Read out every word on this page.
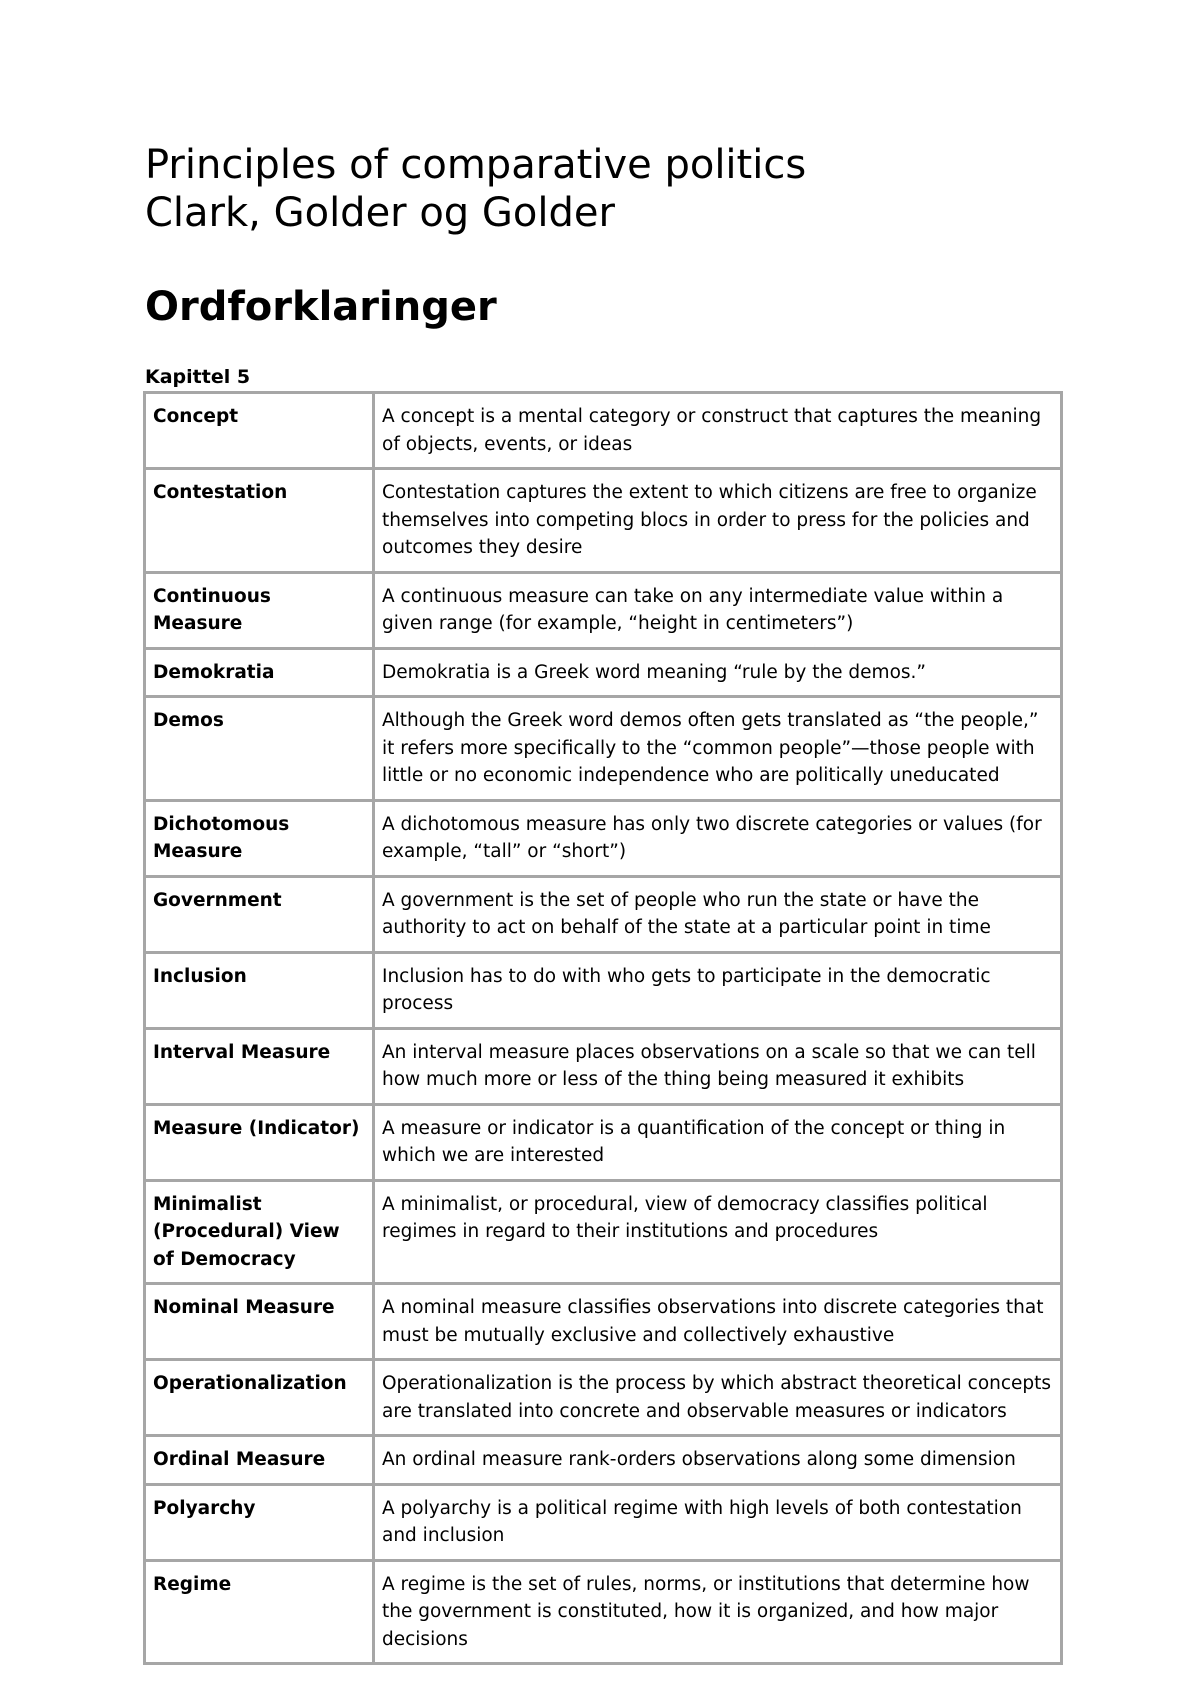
Principles of comparative politics
Clark, Golder og Golder
Ordforklaringer
Kapittel 5
Concept	A concept is a mental category or construct that captures the meaning of objects, events, or ideas
Contestation	Contestation captures the extent to which citizens are free to organize themselves into competing blocs in order to press for the policies and outcomes they desire
Continuous Measure	A continuous measure can take on any intermediate value within a given range (for example, “height in centimeters”)
Demokratia	Demokratia is a Greek word meaning “rule by the demos.”
Demos	Although the Greek word demos often gets translated as “the people,” it refers more specifically to the “common people”—those people with little or no economic independence who are politically uneducated
Dichotomous Measure	A dichotomous measure has only two discrete categories or values (for example, “tall” or “short”)
Government	A government is the set of people who run the state or have the authority to act on behalf of the state at a particular point in time
Inclusion	Inclusion has to do with who gets to participate in the democratic process
Interval Measure	An interval measure places observations on a scale so that we can tell how much more or less of the thing being measured it exhibits
Measure (Indicator)	A measure or indicator is a quantification of the concept or thing in which we are interested
Minimalist (Procedural) View of Democracy	A minimalist, or procedural, view of democracy classifies political regimes in regard to their institutions and procedures
Nominal Measure	A nominal measure classifies observations into discrete categories that must be mutually exclusive and collectively exhaustive
Operationalization	Operationalization is the process by which abstract theoretical concepts are translated into concrete and observable measures or indicators
Ordinal Measure	An ordinal measure rank-orders observations along some dimension
Polyarchy	A polyarchy is a political regime with high levels of both contestation and inclusion
Regime	A regime is the set of rules, norms, or institutions that determine how the government is constituted, how it is organized, and how major decisions
